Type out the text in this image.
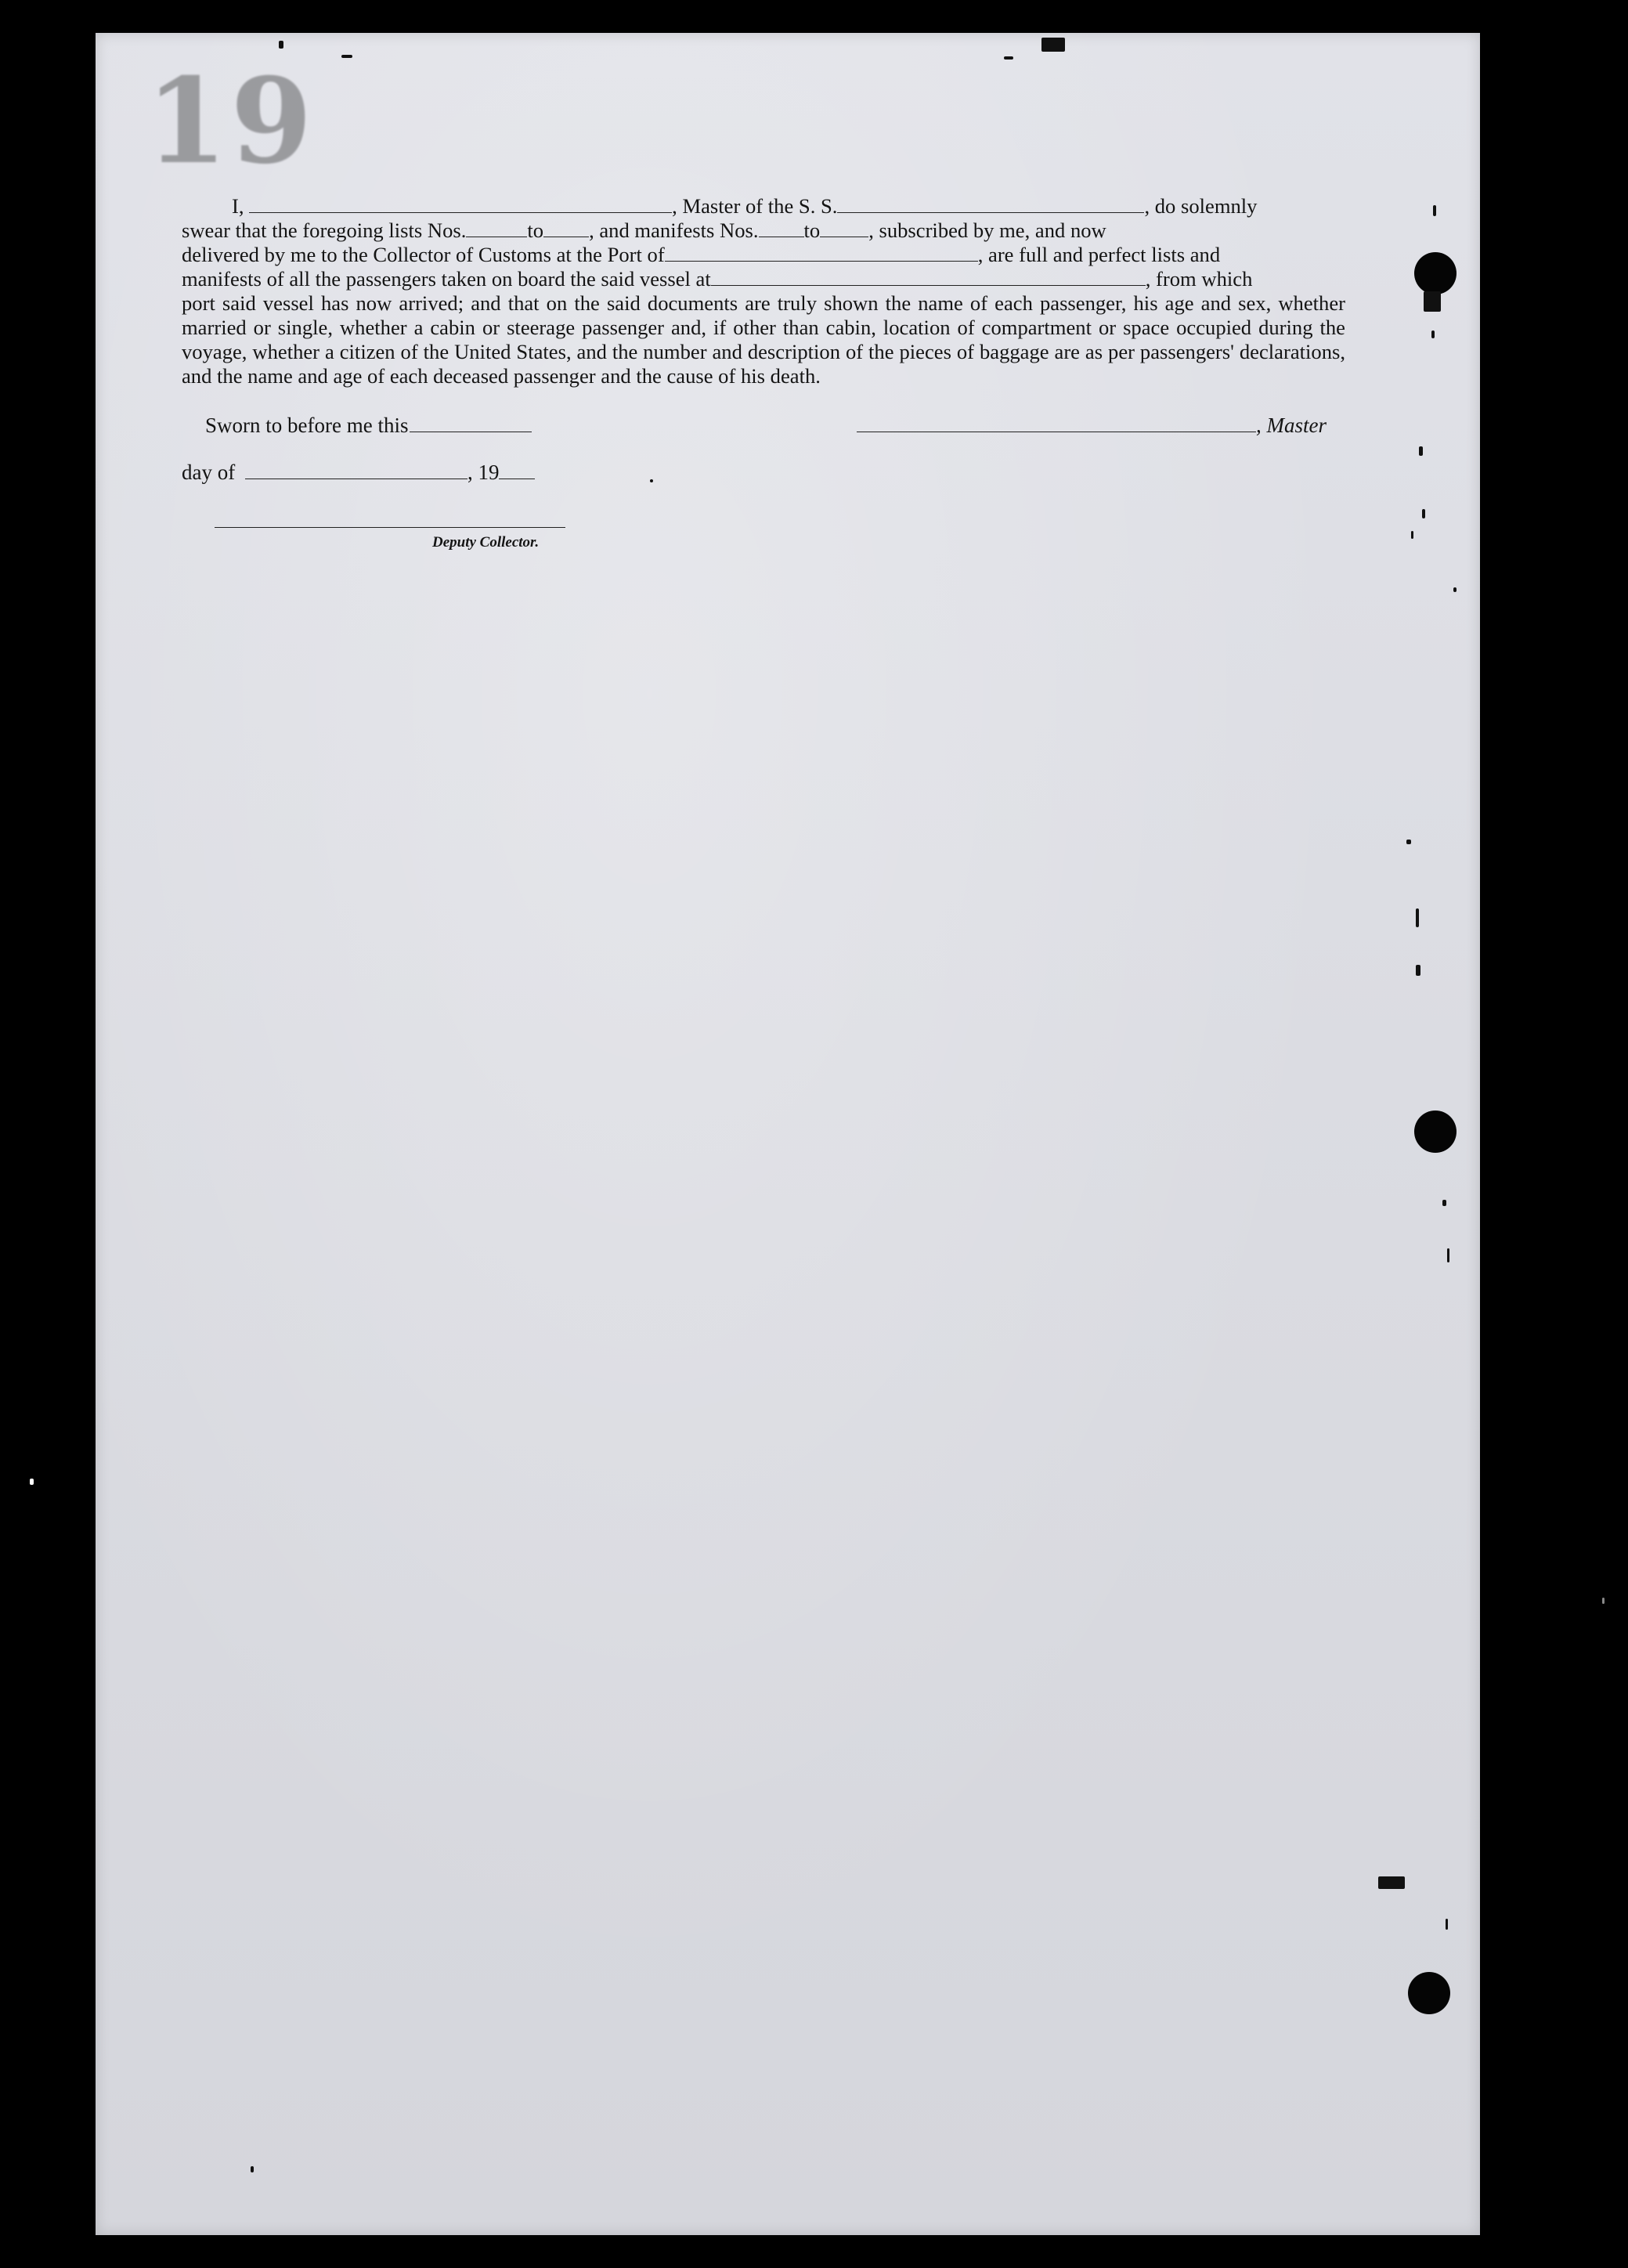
19
I,	, Master of the S. S.	, do solemnly
swear that the foregoing lists Nos.	to , and manifests Nos. to , subscribed by me, and now
delivered by me to the Collector of Customs at the Port of	, are full and perfect lists and
manifests of all the passengers taken on board the said vessel at	, from which
port said vessel has now arrived; and that on the said documents are truly shown the name of each passenger, his age and sex, whether married or single, whether a cabin or steerage passenger and, if other than cabin, location of compartment or space occupied during the voyage, whether a citizen of the United States, and the number and description of the pieces of baggage are as per passengers' declarations, and the name and age of each deceased passenger and the cause of his death.
Sworn to before me this	, Master
day of	, 19
Deputy Collector.
